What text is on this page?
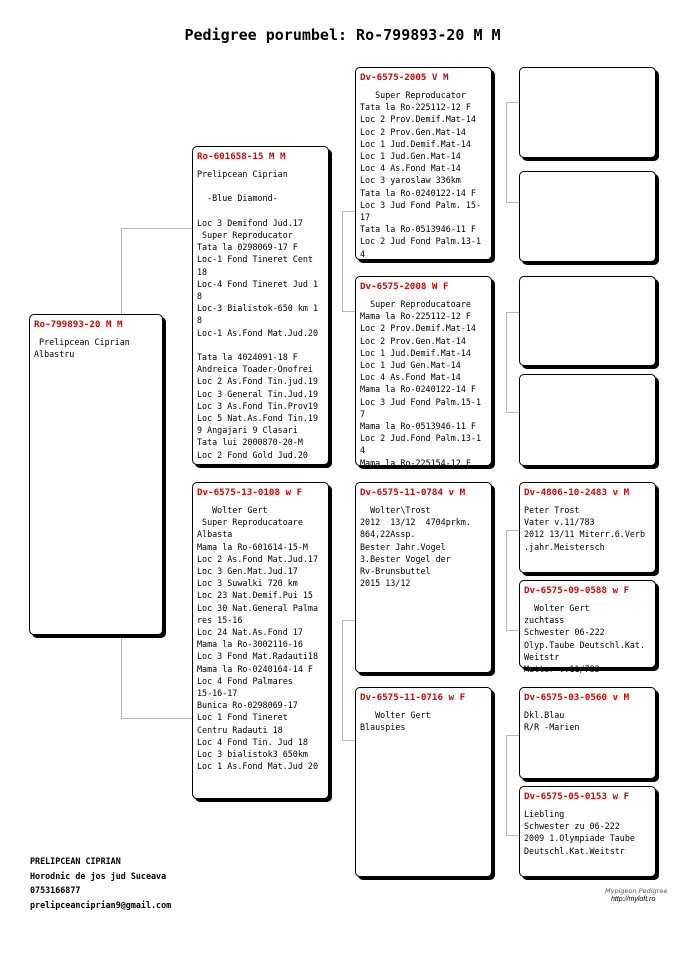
Pedigree porumbel: Ro-799893-20 M M
Ro-799893-20 M M
Prelipcean Ciprian
Albastru
Ro-601658-15 M M
Prelipcean Ciprian

-Blue Diamond-

Loc 3 Demifond Jud.17
Super Reproducator
Tata la 0298069-17 F
Loc-1 Fond Tineret Cent
18
Loc-4 Fond Tineret Jud 1
8
Loc-3 Bialistok-650 km 1
8
Loc-1 As.Fond Mat.Jud.20

Tata la 4024091-18 F
Andreica Toader-Onofrei
Loc 2 As.Fond Tin.jud.19
Loc 3 General Tin.Jud.19
Loc 3 As.Fond Tin.Prov19
Loc 5 Nat.As.Fond Tin.19
9 Angajari 9 Clasari
Tata lui 2000870-20-M
Loc 2 Fond Gold Jud.20
Dv-6575-13-0108 w F
Wolter Gert
Super Reproducatoare
Albasta
Mama la Ro-601614-15-M
Loc 2 As.Fond Mat.Jud.17
Loc 3 Gen.Mat.Jud.17
Loc 3 Suwalki 720 km
Loc 23 Nat.Demif.Pui 15
Loc 30 Nat.General Palma
res 15-16
Loc 24 Nat.As.Fond 17
Mama la Ro-3002116-16
Loc 3 Fond Mat.Radauti18
Mama la Ro-0240164-14 F
Loc 4 Fond Palmares
15-16-17
Bunica Ro-0298069-17
Loc 1 Fond Tineret
Centru Radauti 18
Loc 4 Fond Tin. Jud 18
Loc 3 bialistok3 650km
Loc 1 As.Fond Mat.Jud 20
Dv-6575-2005 V M
Super Reproducator
Tata la Ro-225112-12 F
Loc 2 Prov.Demif.Mat-14
Loc 2 Prov.Gen.Mat-14
Loc 1 Jud.Demif.Mat-14
Loc 1 Jud.Gen.Mat-14
Loc 4 As.Fond Mat-14
Loc 3 yaroslaw 336km
Tata la Ro-0240122-14 F
Loc 3 Jud Fond Palm. 15-
17
Tata la Ro-0513946-11 F
Loc 2 Jud Fond Palm.13-1
4
Dv-6575-2008 W F
Super Reproducatoare
Mama la Ro-225112-12 F
Loc 2 Prov.Demif.Mat-14
Loc 2 Prov.Gen.Mat-14
Loc 1 Jud.Demif.Mat-14
Loc 1 Jud Gen.Mat-14
Loc 4 As.Fond Mat-14
Mama la Ro-0240122-14 F
Loc 3 Jud Fond Palm.15-1
7
Mama la Ro-0513946-11 F
Loc 2 Jud.Fond Palm.13-1
4
Mama la Ro-225154-12 F
Dv-6575-11-0784 v M
Wolter\Trost
2012  13/12  4704prkm.
864,22Assp.
Bester Jahr.Vogel
3.Bester Vogel der
Rv-Brunsbuttel
2015 13/12
Dv-6575-11-0716 w F
Wolter Gert
Blauspies
Dv-4806-10-2483 v M
Peter Trost
Vater v.11/783
2012 13/11 Miterr.6.Verb
.jahr.Meistersch
Dv-6575-09-0588 w F
Wolter Gert
zuchtass
Schwester 06-222
Olyp.Taube Deutschl.Kat.
Weitstr
Mutter v.11/783
Dv-6575-03-0560 v M
Dkl.Blau
R/R -Marien
Dv-6575-05-0153 w F
Liebling
Schwester zu 06-222
2009 1.Olympiade Taube
Deutschl.Kat.Weitstr
PRELIPCEAN CIPRIAN
Horodnic de jos jud Suceava
0753166877
prelipceanciprian9@gmail.com
Mypigeon Pedigree
http://myloft.ro
